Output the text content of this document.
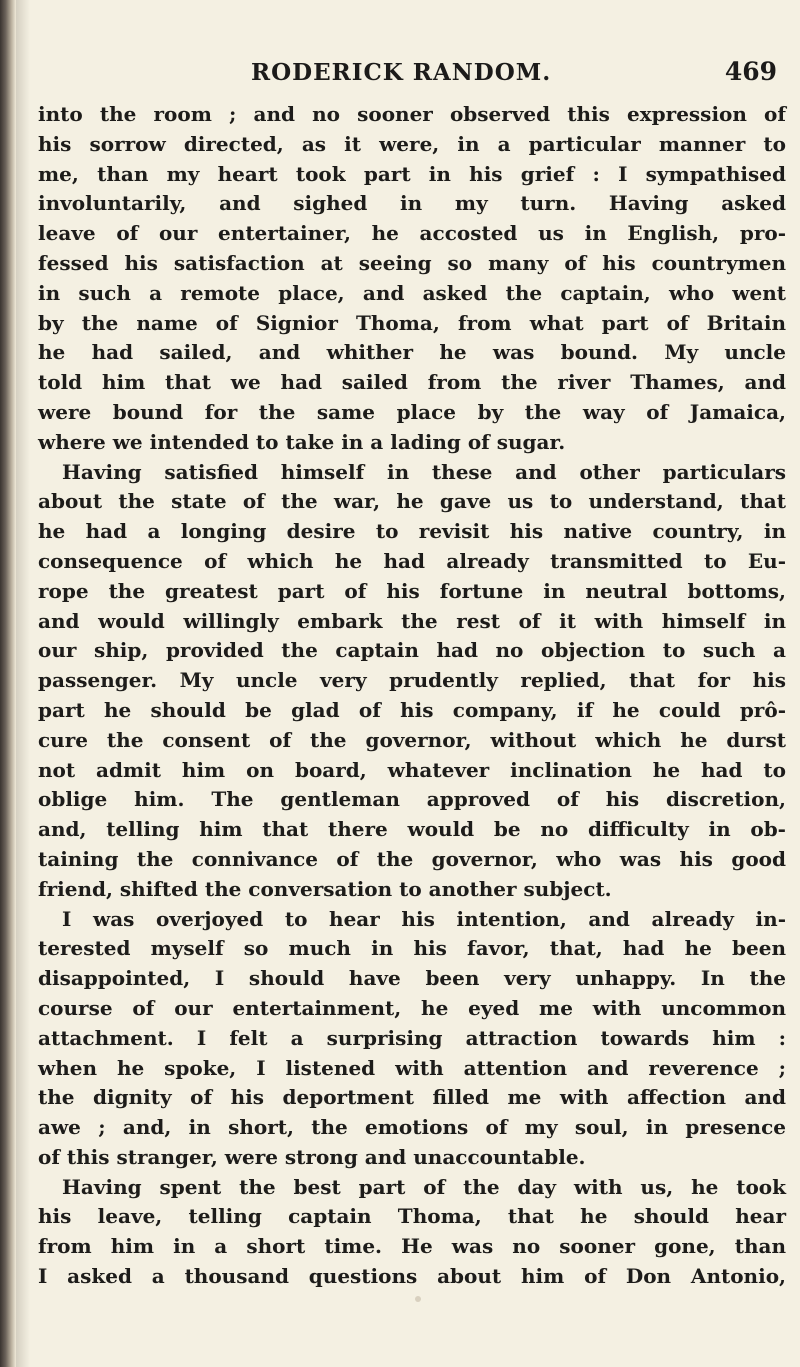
RODERICK RANDOM.	469
into the room ; and no sooner observed this expression of
his sorrow directed, as it were, in a particular manner to
me, than my heart took part in his grief : I sympathised
involuntarily, and sighed in my turn. Having asked
leave of our entertainer, he accosted us in English, pro-
fessed his satisfaction at seeing so many of his countrymen
in such a remote place, and asked the captain, who went
by the name of Signior Thoma, from what part of Britain
he had sailed, and whither he was bound. My uncle
told him that we had sailed from the river Thames, and
were bound for the same place by the way of Jamaica,
where we intended to take in a lading of sugar.
Having satisfied himself in these and other particulars
about the state of the war, he gave us to understand, that
he had a longing desire to revisit his native country, in
consequence of which he had already transmitted to Eu-
rope the greatest part of his fortune in neutral bottoms,
and would willingly embark the rest of it with himself in
our ship, provided the captain had no objection to such a
passenger. My uncle very prudently replied, that for his
part he should be glad of his company, if he could prô-
cure the consent of the governor, without which he durst
not admit him on board, whatever inclination he had to
oblige him. The gentleman approved of his discretion,
and, telling him that there would be no difficulty in ob-
taining the connivance of the governor, who was his good
friend, shifted the conversation to another subject.
I was overjoyed to hear his intention, and already in-
terested myself so much in his favor, that, had he been
disappointed, I should have been very unhappy. In the
course of our entertainment, he eyed me with uncommon
attachment. I felt a surprising attraction towards him :
when he spoke, I listened with attention and reverence ;
the dignity of his deportment filled me with affection and
awe ; and, in short, the emotions of my soul, in presence
of this stranger, were strong and unaccountable.
Having spent the best part of the day with us, he took
his leave, telling captain Thoma, that he should hear
from him in a short time. He was no sooner gone, than
I asked a thousand questions about him of Don Antonio,
